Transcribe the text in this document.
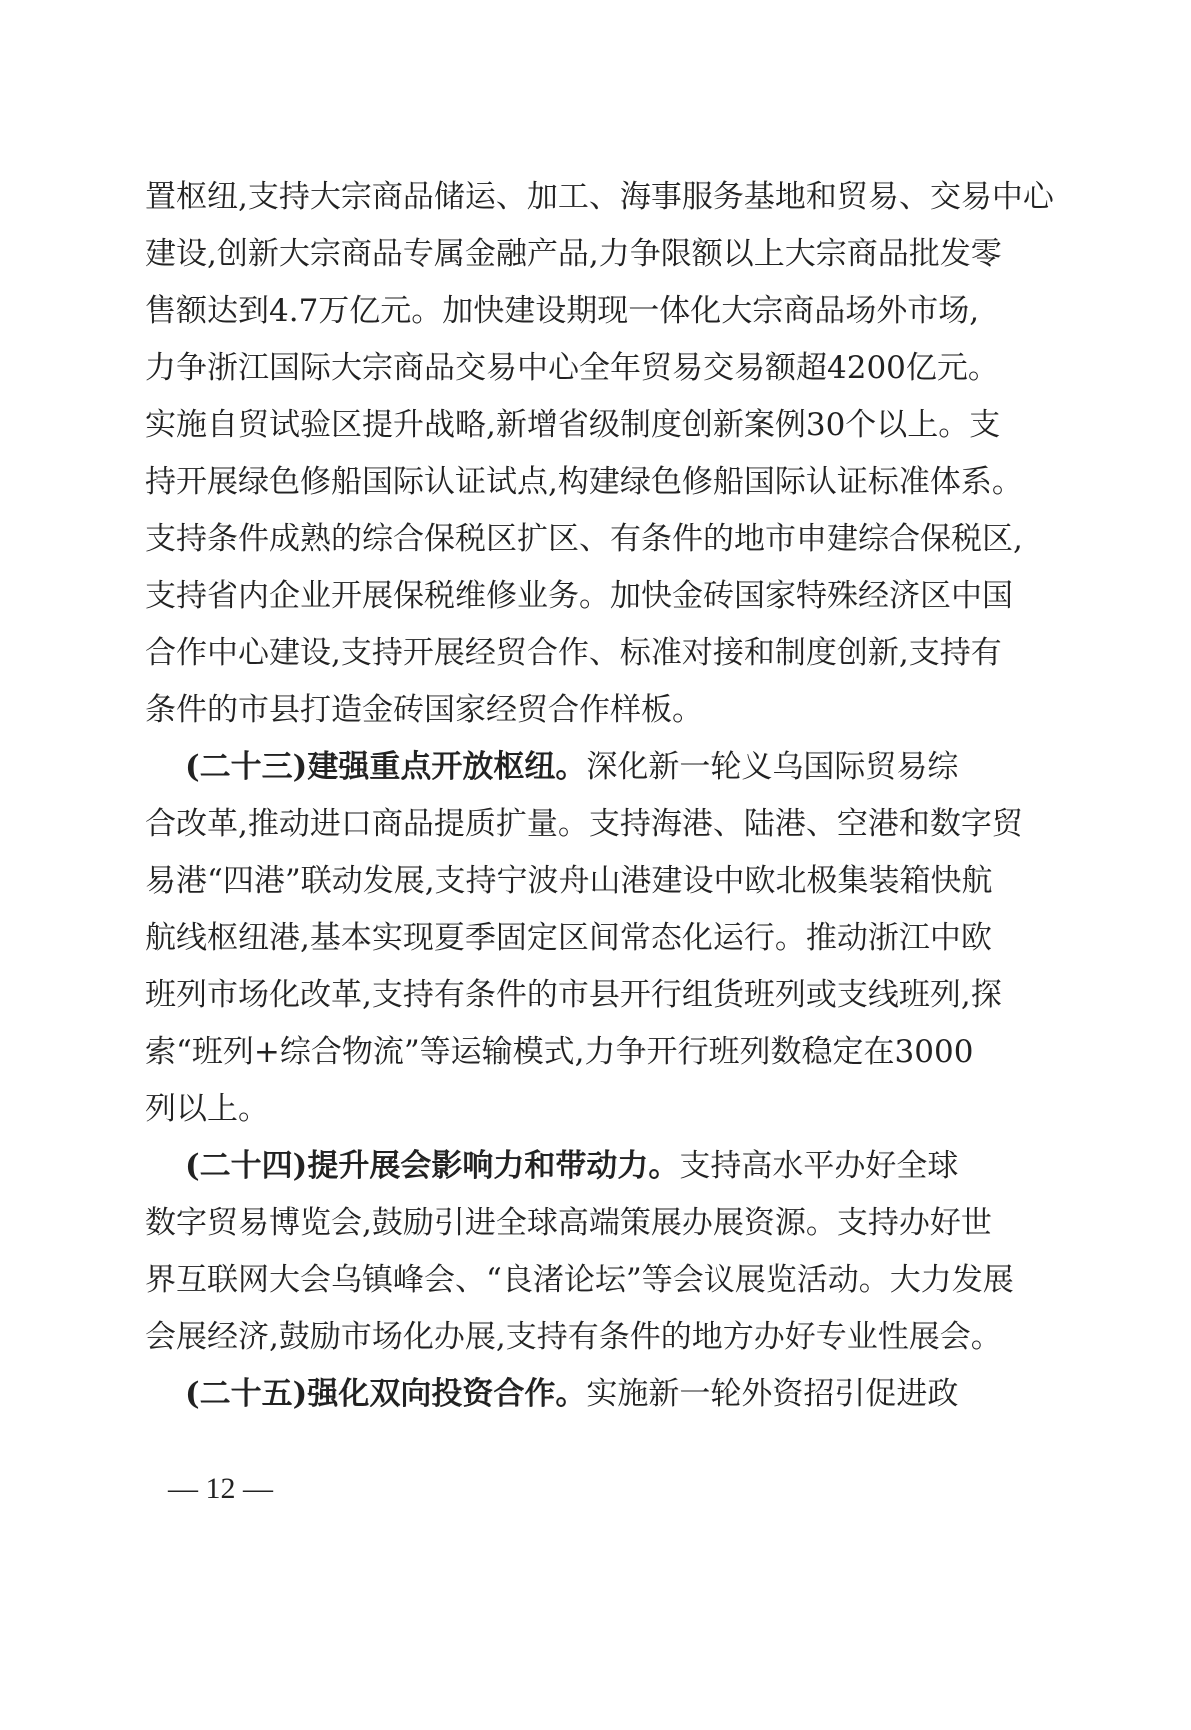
置枢纽,支持大宗商品储运、加工、海事服务基地和贸易、交易中心
建设,创新大宗商品专属金融产品,力争限额以上大宗商品批发零
售额达到4.7万亿元。加快建设期现一体化大宗商品场外市场,
力争浙江国际大宗商品交易中心全年贸易交易额超4200亿元。
实施自贸试验区提升战略,新增省级制度创新案例30个以上。支
持开展绿色修船国际认证试点,构建绿色修船国际认证标准体系。
支持条件成熟的综合保税区扩区、有条件的地市申建综合保税区,
支持省内企业开展保税维修业务。加快金砖国家特殊经济区中国
合作中心建设,支持开展经贸合作、标准对接和制度创新,支持有
条件的市县打造金砖国家经贸合作样板。
(二十三)建强重点开放枢纽。深化新一轮义乌国际贸易综
合改革,推动进口商品提质扩量。支持海港、陆港、空港和数字贸
易港“四港”联动发展,支持宁波舟山港建设中欧北极集装箱快航
航线枢纽港,基本实现夏季固定区间常态化运行。推动浙江中欧
班列市场化改革,支持有条件的市县开行组货班列或支线班列,探
索“班列+综合物流”等运输模式,力争开行班列数稳定在3000
列以上。
(二十四)提升展会影响力和带动力。支持高水平办好全球
数字贸易博览会,鼓励引进全球高端策展办展资源。支持办好世
界互联网大会乌镇峰会、“良渚论坛”等会议展览活动。大力发展
会展经济,鼓励市场化办展,支持有条件的地方办好专业性展会。
(二十五)强化双向投资合作。实施新一轮外资招引促进政
— 12 —
